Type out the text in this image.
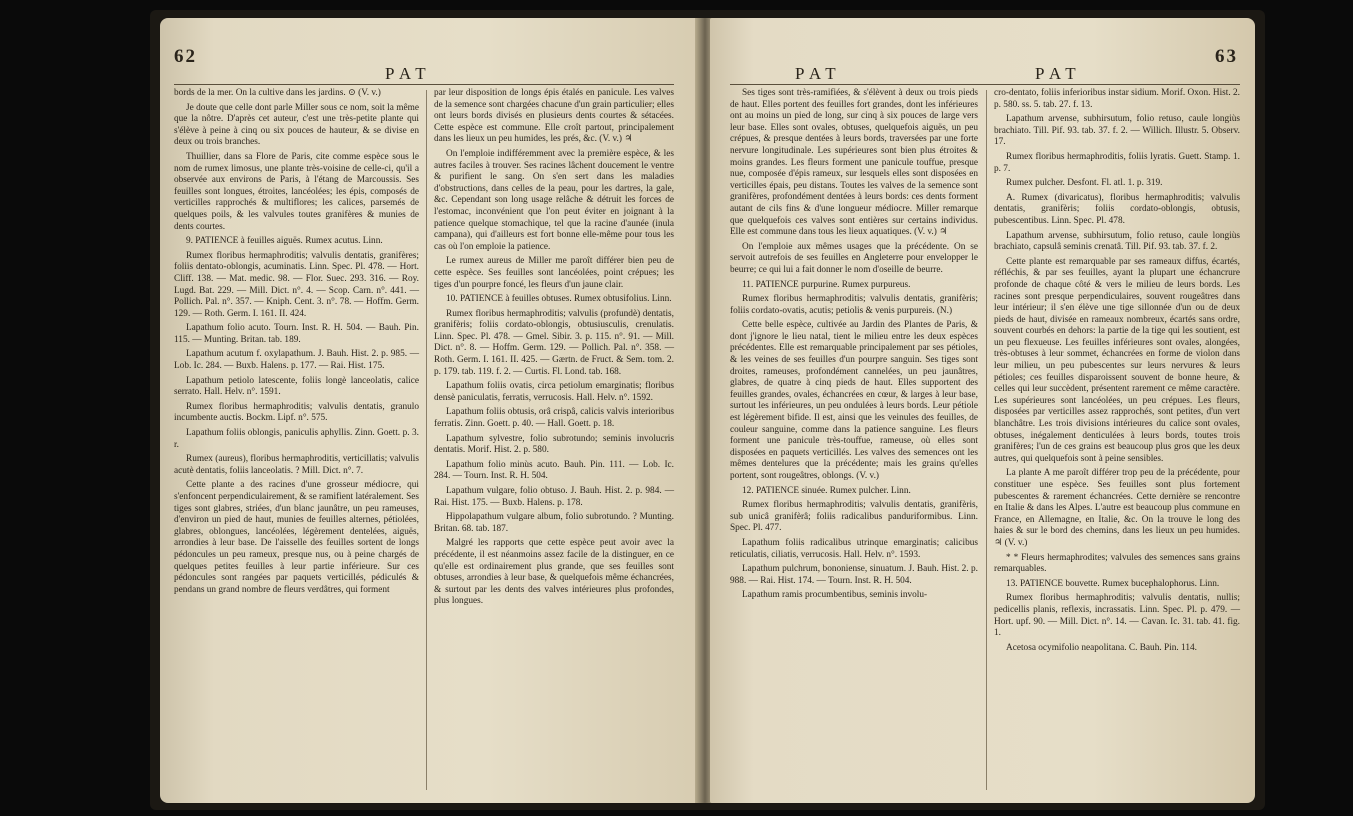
62
PAT

bords de la mer. On la cultive dans les jardins. ⊙ (V. v.)

Je doute que celle dont parle Miller sous ce nom, soit la même que la nôtre. D'après cet auteur, c'est une très-petite plante qui s'élève à peine à cinq ou six pouces de hauteur, & se divise en deux ou trois branches.

Thuillier, dans sa Flore de Paris, cite comme espèce sous le nom de rumex limosus, une plante très-voisine de celle-ci, qu'il a observée aux environs de Paris, à l'étang de Marcoussis. Ses feuilles sont longues, étroites, lancéolées; les épis, composés de verticilles rapprochés & multiflores; les calices, parsemés de quelques poils, & les valvules toutes granifères & munies de dents courtes.

9. PATIENCE à feuilles aiguës. Rumex acutus. Linn.

Rumex floribus hermaphroditis; valvulis dentatis, granifères; foliis dentato-oblongis, acuminatis. Linn. Spec. Pl. 478. — Hort. Cliff. 138. — Mat. medic. 98. — Flor. Suec. 293. 316. — Roy. Lugd. Bat. 229. — Mill. Dict. n°. 4. — Scop. Carn. n°. 441. — Pollich. Pal. n°. 357. — Kniph. Cent. 3. n°. 78. — Hoffm. Germ. 129. — Roth. Germ. I. 161. II. 424.

Lapathum folio acuto. Tourn. Inst. R. H. 504. — Bauh. Pin. 115. — Munting. Britan. tab. 189.

Lapathum acutum f. oxylapathum. J. Bauh. Hist. 2. p. 985. — Lob. Ic. 284. — Buxb. Halens. p. 177. — Rai. Hist. 175.

Lapathum petiolo latescente, foliis longè lanceolatis, calice serrato. Hall. Helv. n°. 1591.

Rumex floribus hermaphroditis; valvulis dentatis, granulo incumbente auctis. Bockm. Lipf. n°. 575.

Lapathum foliis oblongis, paniculis aphyllis. Zinn. Goett. p. 3. r.

Rumex (aureus), floribus hermaphroditis, verticillatis; valvulis acutè dentatis, foliis lanceolatis. ? Mill. Dict. n°. 7.

Cette plante a des racines d'une grosseur médiocre, qui s'enfoncent perpendiculairement, & se ramifient latéralement. Ses tiges sont glabres, striées, d'un blanc jaunâtre, un peu rameuses, d'environ un pied de haut, munies de feuilles alternes, pétiolées, glabres, oblongues, lancéolées, légèrement dentelées, aiguës, arrondies à leur base. De l'aisselle des feuilles sortent de longs pédoncules un peu rameux, presque nus, ou à peine chargés de quelques petites feuilles à leur partie inférieure. Sur ces pédoncules sont rangées par paquets verticillés, pédiculés & pendans un grand nombre de fleurs verdâtres, qui forment

par leur disposition de longs épis étalés en panicule. Les valves de la semence sont chargées chacune d'un grain particulier; elles ont leurs bords divisés en plusieurs dents courtes & sétacées. Cette espèce est commune. Elle croît partout, principalement dans les lieux un peu humides, les prés, &c. (V. v.) ♃

On l'emploie indifféremment avec la première espèce, & les autres faciles à trouver. Ses racines lâchent doucement le ventre & purifient le sang. On s'en sert dans les maladies d'obstructions, dans celles de la peau, pour les dartres, la gale, &c. Cependant son long usage relâche & détruit les forces de l'estomac, inconvénient que l'on peut éviter en joignant à la patience quelque stomachique, tel que la racine d'aunée (inula campana), qui d'ailleurs est fort bonne elle-même pour tous les cas où l'on emploie la patience.

Le rumex aureus de Miller me paroît différer bien peu de cette espèce. Ses feuilles sont lancéolées, point crépues; les tiges d'un pourpre foncé, les fleurs d'un jaune clair.

10. PATIENCE à feuilles obtuses. Rumex obtusifolius. Linn.

Rumex floribus hermaphroditis; valvulis (profundè) dentatis, granifèris; foliis cordato-oblongis, obtusiusculis, crenulatis. Linn. Spec. Pl. 478. — Gmel. Sibir. 3. p. 115. n°. 91. — Mill. Dict. n°. 8. — Hoffm. Germ. 129. — Pollich. Pal. n°. 358. — Roth. Germ. I. 161. II. 425. — Gærtn. de Fruct. & Sem. tom. 2. p. 179. tab. 119. f. 2. — Curtis. Fl. Lond. tab. 168.

Lapathum foliis ovatis, circa petiolum emarginatis; floribus densè paniculatis, ferratis, verrucosis. Hall. Helv. n°. 1592.

Lapathum foliis obtusis, orâ crispâ, calicis valvis interioribus ferratis. Zinn. Goett. p. 40. — Hall. Goett. p. 18.

Lapathum sylvestre, folio subrotundo; seminis involucris dentatis. Morif. Hist. 2. p. 580.

Lapathum folio minùs acuto. Bauh. Pin. 111. — Lob. Ic. 284. — Tourn. Inst. R. H. 504.

Lapathum vulgare, folio obtuso. J. Bauh. Hist. 2. p. 984. — Rai. Hist. 175. — Buxb. Halens. p. 178.

Hippolapathum vulgare album, folio subrotundo. ? Munting. Britan. 68. tab. 187.

Malgré les rapports que cette espèce peut avoir avec la précédente, il est néanmoins assez facile de la distinguer, en ce qu'elle est ordinairement plus grande, que ses feuilles sont obtuses, arrondies à leur base, & quelquefois même échancrées, & surtout par les dents des valves intérieures plus profondes, plus longues.

PAT	PAT
63

Ses tiges sont très-ramifiées, & s'élèvent à deux ou trois pieds de haut. Elles portent des feuilles fort grandes, dont les inférieures ont au moins un pied de long, sur cinq à six pouces de large vers leur base. Elles sont ovales, obtuses, quelquefois aiguës, un peu crépues, & presque dentées à leurs bords, traversées par une forte nervure longitudinale. Les supérieures sont bien plus étroites & moins grandes. Les fleurs forment une panicule touffue, presque nue, composée d'épis rameux, sur lesquels elles sont disposées en verticilles épais, peu distans. Toutes les valves de la semence sont granifères, profondément dentées à leurs bords: ces dents forment autant de cils fins & d'une longueur médiocre. Miller remarque que quelquefois ces valves sont entières sur certains individus. Elle est commune dans tous les lieux aquatiques. (V. v.) ♃

On l'emploie aux mêmes usages que la précédente. On se servoit autrefois de ses feuilles en Angleterre pour envelopper le beurre; ce qui lui a fait donner le nom d'oseille de beurre.

11. PATIENCE purpurine. Rumex purpureus.

Rumex floribus hermaphroditis; valvulis dentatis, granifèris; foliis cordato-ovatis, acutis; petiolis & venis purpureis. (N.)

Cette belle espèce, cultivée au Jardin des Plantes de Paris, & dont j'ignore le lieu natal, tient le milieu entre les deux espèces précédentes. Elle est remarquable principalement par ses pétioles, & les veines de ses feuilles d'un pourpre sanguin. Ses tiges sont droites, rameuses, profondément cannelées, un peu jaunâtres, glabres, de quatre à cinq pieds de haut. Elles supportent des feuilles grandes, ovales, échancrées en cœur, & larges à leur base, surtout les inférieures, un peu ondulées à leurs bords. Leur pétiole est légèrement bifide. Il est, ainsi que les veinules des feuilles, de couleur sanguine, comme dans la patience sanguine. Les fleurs forment une panicule très-touffue, rameuse, où elles sont disposées en paquets verticillés. Les valves des semences ont les mêmes dentelures que la précédente; mais les grains qu'elles portent, sont rougeâtres, oblongs. (V. v.)

12. PATIENCE sinuée. Rumex pulcher. Linn.

Rumex floribus hermaphroditis; valvulis dentatis, granifèris, sub unicâ granifèrâ; foliis radicalibus panduriformibus. Linn. Spec. Pl. 477.

Lapathum foliis radicalibus utrinque emarginatis; calicibus reticulatis, ciliatis, verrucosis. Hall. Helv. n°. 1593.

Lapathum pulchrum, bononiense, sinuatum. J. Bauh. Hist. 2. p. 988. — Rai. Hist. 174. — Tourn. Inst. R. H. 504.

Lapathum ramis procumbentibus, seminis involu-

cro-dentato, foliis inferioribus instar sidium. Morif. Oxon. Hist. 2. p. 580. ss. 5. tab. 27. f. 13.

Lapathum arvense, subhirsutum, folio retuso, caule longiùs brachiato. Till. Pif. 93. tab. 37. f. 2. — Willich. Illustr. 5. Observ. 17.

Rumex floribus hermaphroditis, foliis lyratis. Guett. Stamp. 1. p. 7.

Rumex pulcher. Desfont. Fl. atl. 1. p. 319.

A. Rumex (divaricatus), floribus hermaphroditis; valvulis dentatis, granifèris; foliis cordato-oblongis, obtusis, pubescentibus. Linn. Spec. Pl. 478.

Lapathum arvense, subhirsutum, folio retuso, caule longiùs brachiato, capsulâ seminis crenatâ. Till. Pif. 93. tab. 37. f. 2.

Cette plante est remarquable par ses rameaux diffus, écartés, réfléchis, & par ses feuilles, ayant la plupart une échancrure profonde de chaque côté & vers le milieu de leurs bords. Les racines sont presque perpendiculaires, souvent rougeâtres dans leur intérieur; il s'en élève une tige sillonnée d'un ou de deux pieds de haut, divisée en rameaux nombreux, écartés sans ordre, souvent courbés en dehors: la partie de la tige qui les soutient, est un peu flexueuse. Les feuilles inférieures sont ovales, alongées, très-obtuses à leur sommet, échancrées en forme de violon dans leur milieu, un peu pubescentes sur leurs nervures & leurs pétioles; ces feuilles disparoissent souvent de bonne heure, & celles qui leur succèdent, présentent rarement ce même caractère. Les supérieures sont lancéolées, un peu crépues. Les fleurs, disposées par verticilles assez rapprochés, sont petites, d'un vert blanchâtre. Les trois divisions intérieures du calice sont ovales, obtuses, inégalement denticulées à leurs bords, toutes trois granifères; l'un de ces grains est beaucoup plus gros que les deux autres, qui quelquefois sont à peine sensibles.

La plante A me paroît différer trop peu de la précédente, pour constituer une espèce. Ses feuilles sont plus fortement pubescentes & rarement échancrées. Cette dernière se rencontre en Italie & dans les Alpes. L'autre est beaucoup plus commune en France, en Allemagne, en Italie, &c. On la trouve le long des haies & sur le bord des chemins, dans les lieux un peu humides. ♃ (V. v.)

* * Fleurs hermaphrodites; valvules des semences sans grains remarquables.

13. PATIENCE bouvette. Rumex bucephalophorus. Linn.

Rumex floribus hermaphroditis; valvulis dentatis, nullis; pedicellis planis, reflexis, incrassatis. Linn. Spec. Pl. p. 479. — Hort. upf. 90. — Mill. Dict. n°. 14. — Cavan. Ic. 31. tab. 41. fig. 1.

Acetosa ocymifolio neapolitana. C. Bauh. Pin. 114.
